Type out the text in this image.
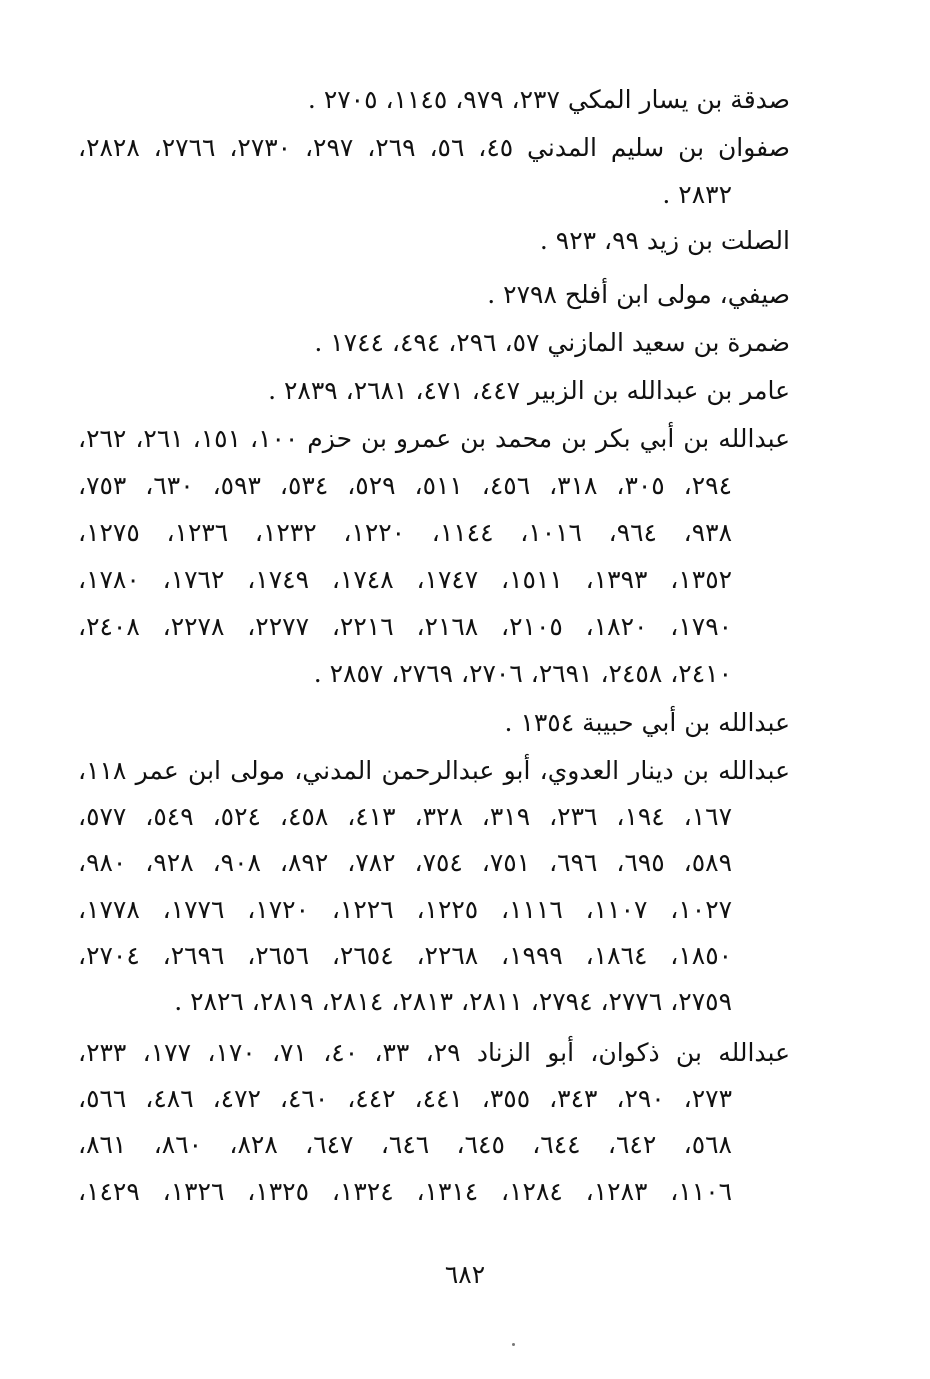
صدقة بن يسار المكي ٢٣٧، ٩٧٩، ١١٤٥، ٢٧٠٥ .
صفوان بن سليم المدني ٤٥، ٥٦، ٢٦٩، ٢٩٧، ٢٧٣٠، ٢٧٦٦، ٢٨٢٨،
٢٨٣٢ .
الصلت بن زيد ٩٩، ٩٢٣ .
صيفي، مولى ابن أفلح ٢٧٩٨ .
ضمرة بن سعيد المازني ٥٧، ٢٩٦، ٤٩٤، ١٧٤٤ .
عامر بن عبدالله بن الزبير ٤٤٧، ٤٧١، ٢٦٨١، ٢٨٣٩ .
عبدالله بن أبي بكر بن محمد بن عمرو بن حزم ١٠٠، ١٥١، ٢٦١، ٢٦٢،
٢٩٤، ٣٠٥، ٣١٨، ٤٥٦، ٥١١، ٥٢٩، ٥٣٤، ٥٩٣، ٦٣٠، ٧٥٣،
٩٣٨، ٩٦٤، ١٠١٦، ١١٤٤، ١٢٢٠، ١٢٣٢، ١٢٣٦، ١٢٧٥،
١٣٥٢، ١٣٩٣، ١٥١١، ١٧٤٧، ١٧٤٨، ١٧٤٩، ١٧٦٢، ١٧٨٠،
١٧٩٠، ١٨٢٠، ٢١٠٥، ٢١٦٨، ٢٢١٦، ٢٢٧٧، ٢٢٧٨، ٢٤٠٨،
٢٤١٠، ٢٤٥٨، ٢٦٩١، ٢٧٠٦، ٢٧٦٩، ٢٨٥٧ .
عبدالله بن أبي حبيبة ١٣٥٤ .
عبدالله بن دينار العدوي، أبو عبدالرحمن المدني، مولى ابن عمر ١١٨،
١٦٧، ١٩٤، ٢٣٦، ٣١٩، ٣٢٨، ٤١٣، ٤٥٨، ٥٢٤، ٥٤٩، ٥٧٧،
٥٨٩، ٦٩٥، ٦٩٦، ٧٥١، ٧٥٤، ٧٨٢، ٨٩٢، ٩٠٨، ٩٢٨، ٩٨٠،
١٠٢٧، ١١٠٧، ١١١٦، ١٢٢٥، ١٢٢٦، ١٧٢٠، ١٧٧٦، ١٧٧٨،
١٨٥٠، ١٨٦٤، ١٩٩٩، ٢٢٦٨، ٢٦٥٤، ٢٦٥٦، ٢٦٩٦، ٢٧٠٤،
٢٧٥٩، ٢٧٧٦، ٢٧٩٤، ٢٨١١، ٢٨١٣، ٢٨١٤، ٢٨١٩، ٢٨٢٦ .
عبدالله بن ذكوان، أبو الزناد ٢٩، ٣٣، ٤٠، ٧١، ١٧٠، ١٧٧، ٢٣٣،
٢٧٣، ٢٩٠، ٣٤٣، ٣٥٥، ٤٤١، ٤٤٢، ٤٦٠، ٤٧٢، ٤٨٦، ٥٦٦،
٥٦٨، ٦٤٢، ٦٤٤، ٦٤٥، ٦٤٦، ٦٤٧، ٨٢٨، ٨٦٠، ٨٦١،
١١٠٦، ١٢٨٣، ١٢٨٤، ١٣١٤، ١٣٢٤، ١٣٢٥، ١٣٢٦، ١٤٢٩،
٦٨٢
